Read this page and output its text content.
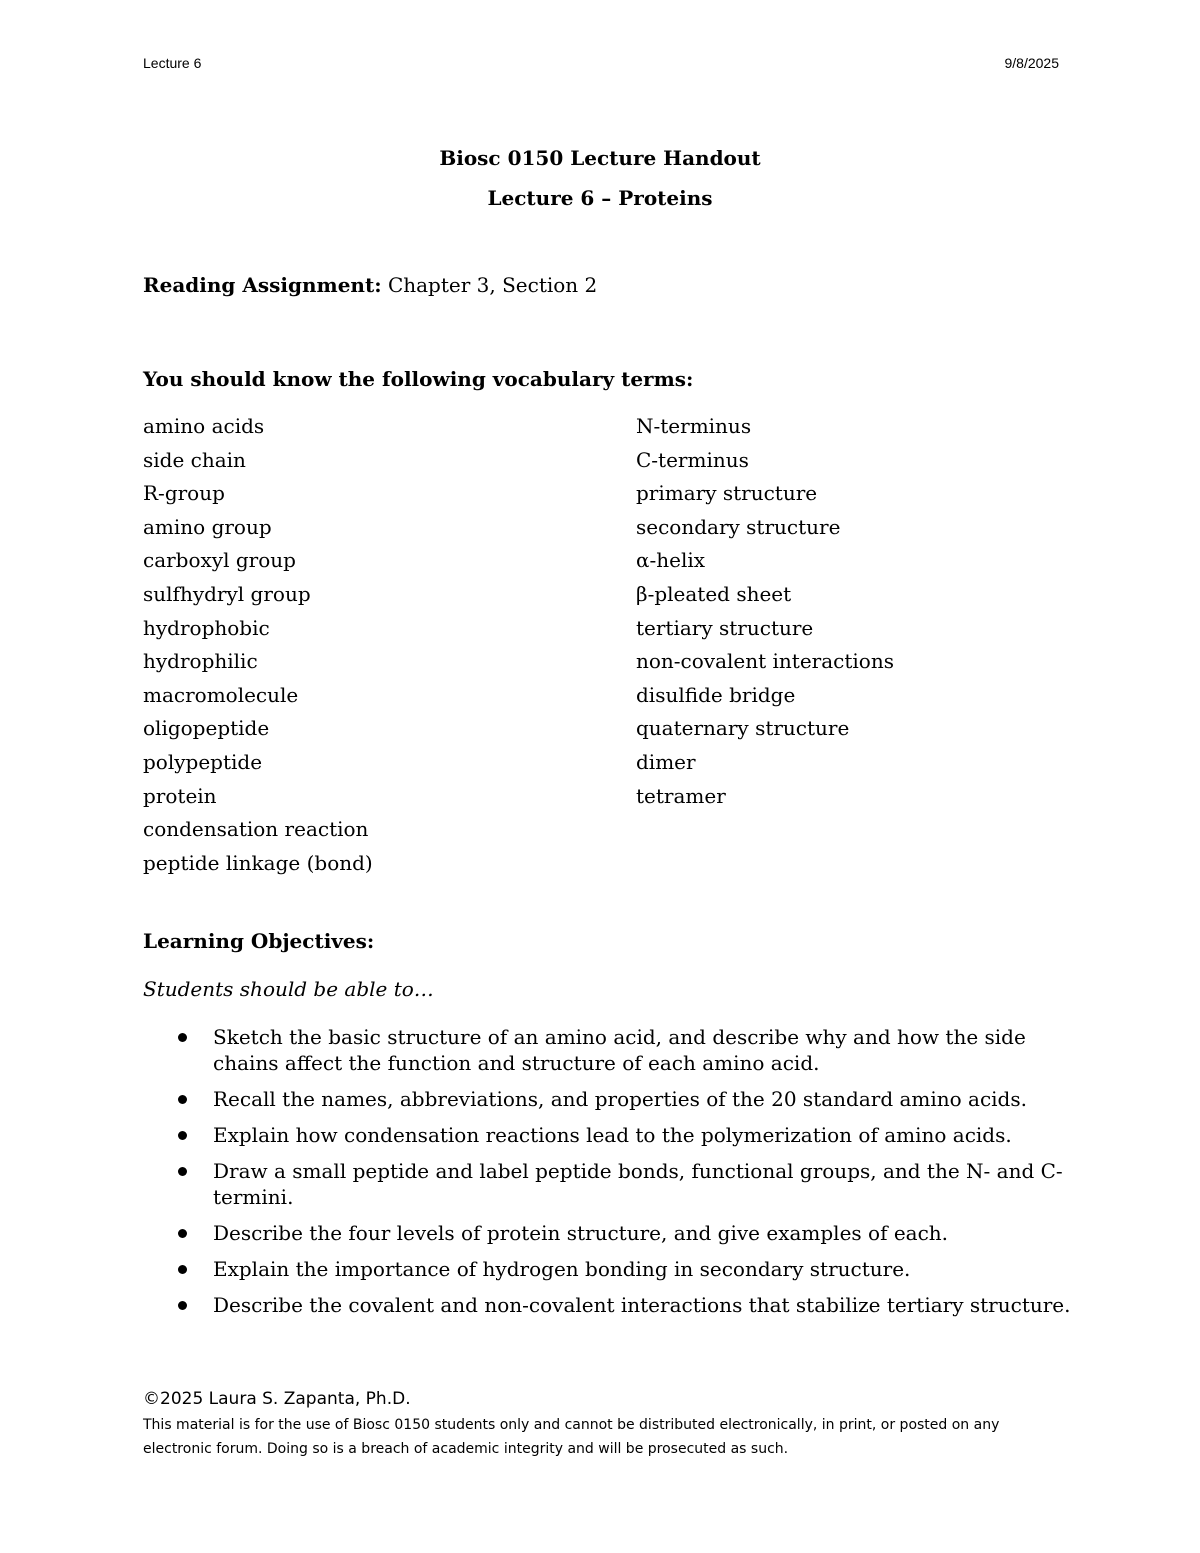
Lecture 6	9/8/2025
Biosc 0150 Lecture Handout
Lecture 6 – Proteins
Reading Assignment: Chapter 3, Section 2
You should know the following vocabulary terms:
amino acids
side chain
R-group
amino group
carboxyl group
sulfhydryl group
hydrophobic
hydrophilic
macromolecule
oligopeptide
polypeptide
protein
condensation reaction
peptide linkage (bond)
N-terminus
C-terminus
primary structure
secondary structure
α-helix
β-pleated sheet
tertiary structure
non-covalent interactions
disulfide bridge
quaternary structure
dimer
tetramer
Learning Objectives:
Students should be able to…
Sketch the basic structure of an amino acid, and describe why and how the side chains affect the function and structure of each amino acid.
Recall the names, abbreviations, and properties of the 20 standard amino acids.
Explain how condensation reactions lead to the polymerization of amino acids.
Draw a small peptide and label peptide bonds, functional groups, and the N- and C-termini.
Describe the four levels of protein structure, and give examples of each.
Explain the importance of hydrogen bonding in secondary structure.
Describe the covalent and non-covalent interactions that stabilize tertiary structure.
©2025 Laura S. Zapanta, Ph.D.
This material is for the use of Biosc 0150 students only and cannot be distributed electronically, in print, or posted on any electronic forum. Doing so is a breach of academic integrity and will be prosecuted as such.
